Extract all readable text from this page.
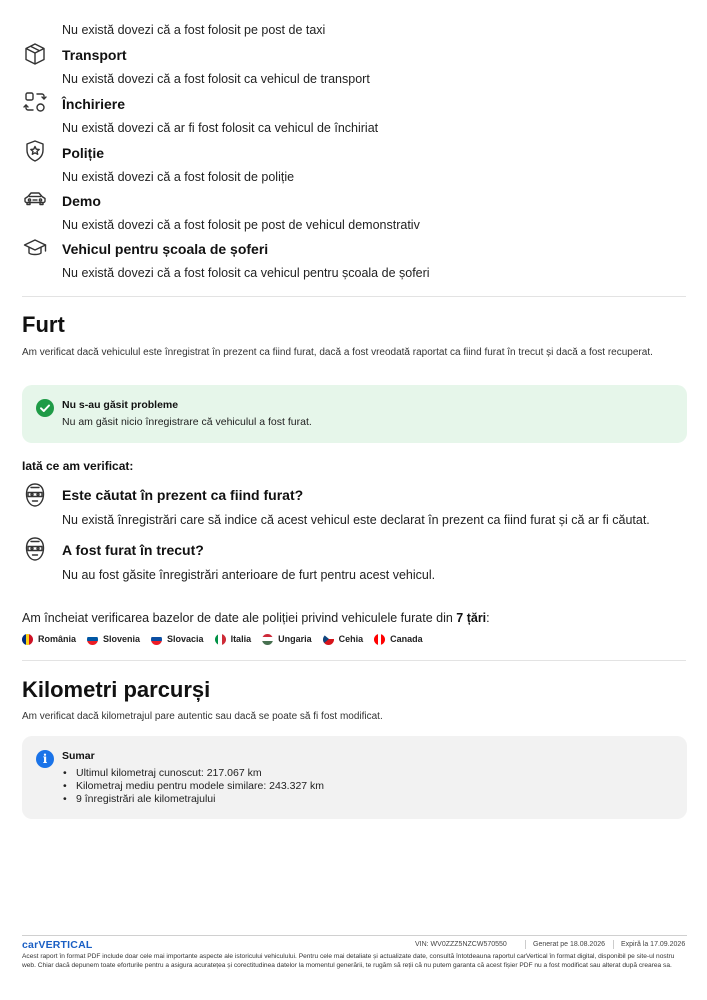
Nu există dovezi că a fost folosit pe post de taxi
Transport
Nu există dovezi că a fost folosit ca vehicul de transport
Închiriere
Nu există dovezi că ar fi fost folosit ca vehicul de închiriat
Poliție
Nu există dovezi că a fost folosit de poliție
Demo
Nu există dovezi că a fost folosit pe post de vehicul demonstrativ
Vehicul pentru școala de șoferi
Nu există dovezi că a fost folosit ca vehicul pentru școala de șoferi
Furt
Am verificat dacă vehiculul este înregistrat în prezent ca fiind furat, dacă a fost vreodată raportat ca fiind furat în trecut și dacă a fost recuperat.
Nu s-au găsit probleme
Nu am găsit nicio înregistrare că vehiculul a fost furat.
Iată ce am verificat:
Este căutat în prezent ca fiind furat?
Nu există înregistrări care să indice că acest vehicul este declarat în prezent ca fiind furat și că ar fi căutat.
A fost furat în trecut?
Nu au fost găsite înregistrări anterioare de furt pentru acest vehicul.
Am încheiat verificarea bazelor de date ale poliției privind vehiculele furate din 7 țări:
România	Slovenia	Slovacia	Italia	Ungaria	Cehia	Canada
Kilometri parcurși
Am verificat dacă kilometrajul pare autentic sau dacă se poate să fi fost modificat.
i	Sumar
• Ultimul kilometraj cunoscut: 217.067 km
• Kilometraj mediu pentru modele similare: 243.327 km
• 9 înregistrări ale kilometrajului
carVERTICAL	VIN: WV0ZZZ5NZCW570550	Generat pe 18.08.2026 Expiră la 17.09.2026
Acest raport în format PDF include doar cele mai importante aspecte ale istoricului vehiculului. Pentru cele mai detaliate și actualizate date, consultă întotdeauna raportul carVertical în format digital, disponibil pe site-ul nostru web. Chiar dacă depunem toate eforturile pentru a asigura acuratețea și corectitudinea datelor la momentul generării, te rugăm să reții că nu putem garanta că acest fișier PDF nu a fost modificat sau alterat după crearea sa.
